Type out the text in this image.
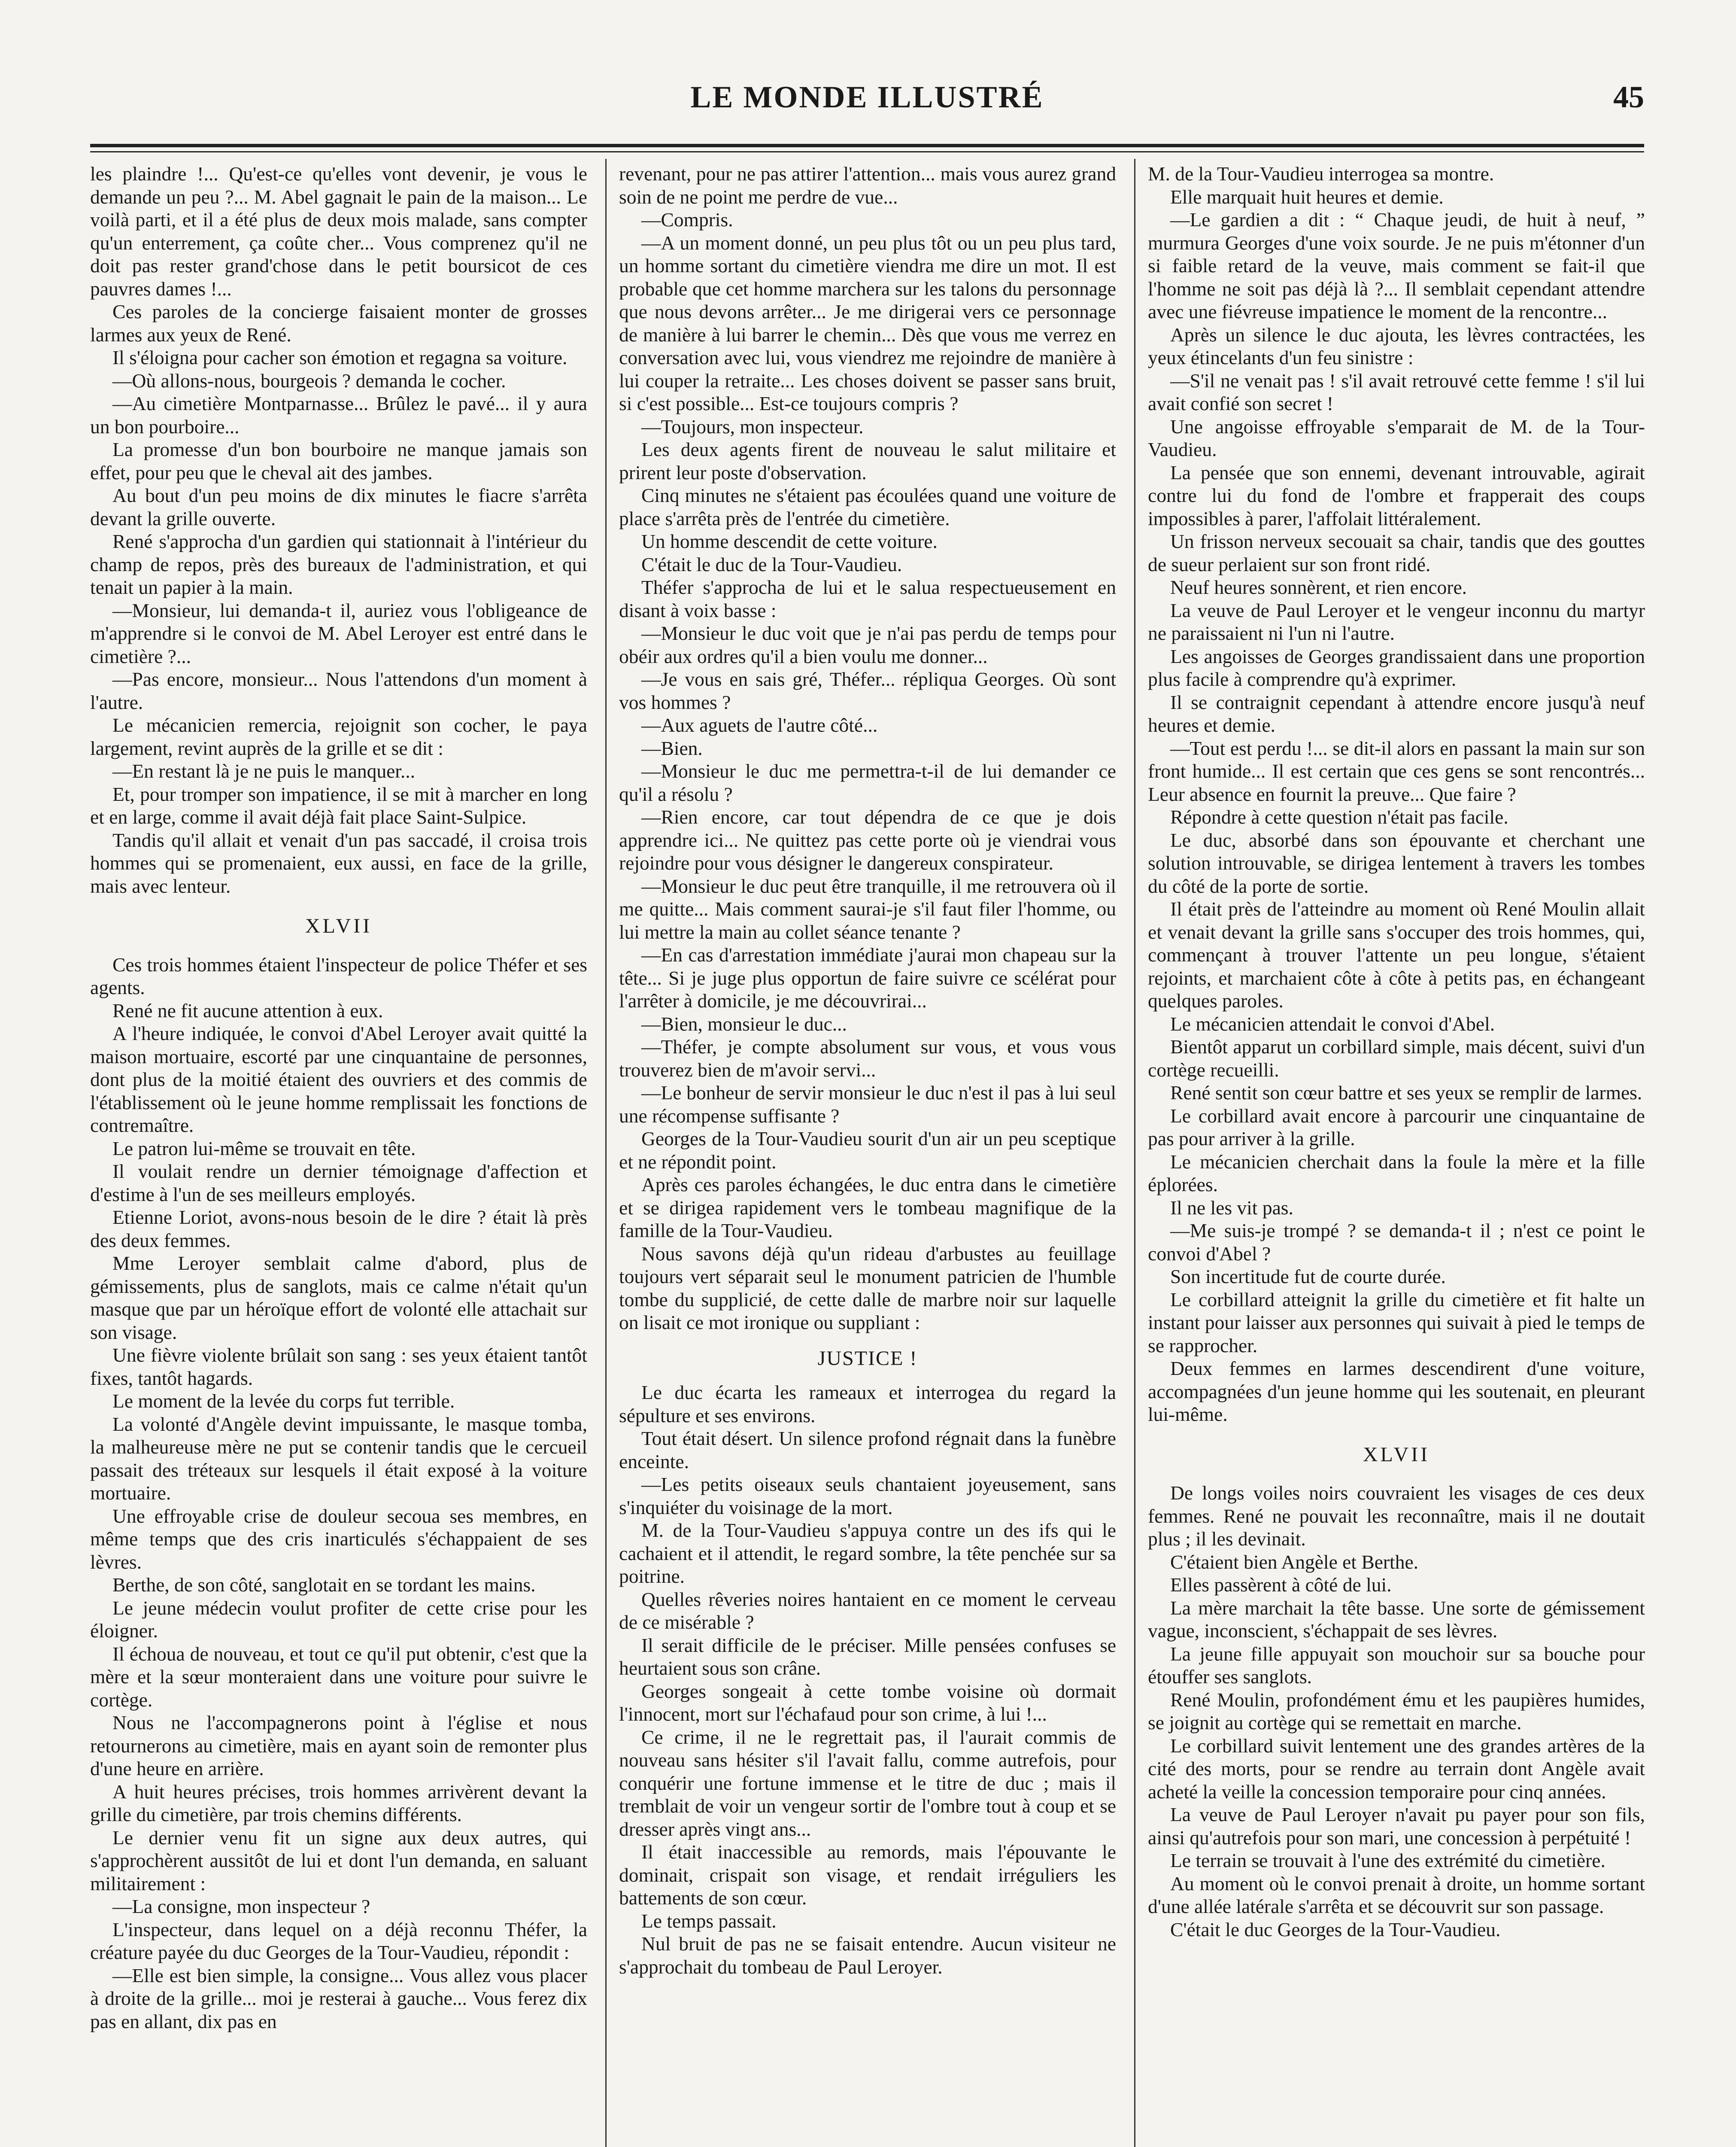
LE MONDE ILLUSTRÉ	45

les plaindre !... Qu'est-ce qu'elles vont devenir, je vous le demande un peu ?... M. Abel gagnait le pain de la maison... Le voilà parti, et il a été plus de deux mois malade, sans compter qu'un enterrement, ça coûte cher... Vous comprenez qu'il ne doit pas rester grand'chose dans le petit boursicot de ces pauvres dames !...

Ces paroles de la concierge faisaient monter de grosses larmes aux yeux de René.

Il s'éloigna pour cacher son émotion et regagna sa voiture.

—Où allons-nous, bourgeois ? demanda le cocher.

—Au cimetière Montparnasse... Brûlez le pavé... il y aura un bon pourboire...

La promesse d'un bon bourboire ne manque jamais son effet, pour peu que le cheval ait des jambes.

Au bout d'un peu moins de dix minutes le fiacre s'arrêta devant la grille ouverte.

René s'approcha d'un gardien qui stationnait à l'intérieur du champ de repos, près des bureaux de l'administration, et qui tenait un papier à la main.

—Monsieur, lui demanda-t il, auriez vous l'obligeance de m'apprendre si le convoi de M. Abel Leroyer est entré dans le cimetière ?...

—Pas encore, monsieur... Nous l'attendons d'un moment à l'autre.

Le mécanicien remercia, rejoignit son cocher, le paya largement, revint auprès de la grille et se dit :

—En restant là je ne puis le manquer...

Et, pour tromper son impatience, il se mit à marcher en long et en large, comme il avait déjà fait place Saint-Sulpice.

Tandis qu'il allait et venait d'un pas saccadé, il croisa trois hommes qui se promenaient, eux aussi, en face de la grille, mais avec lenteur.

XLVII

Ces trois hommes étaient l'inspecteur de police Théfer et ses agents.

René ne fit aucune attention à eux.

A l'heure indiquée, le convoi d'Abel Leroyer avait quitté la maison mortuaire, escorté par une cinquantaine de personnes, dont plus de la moitié étaient des ouvriers et des commis de l'établissement où le jeune homme remplissait les fonctions de contremaître.

Le patron lui-même se trouvait en tête.

Il voulait rendre un dernier témoignage d'affection et d'estime à l'un de ses meilleurs employés.

Etienne Loriot, avons-nous besoin de le dire ? était là près des deux femmes.

Mme Leroyer semblait calme d'abord, plus de gémissements, plus de sanglots, mais ce calme n'était qu'un masque que par un héroïque effort de volonté elle attachait sur son visage.

Une fièvre violente brûlait son sang : ses yeux étaient tantôt fixes, tantôt hagards.

Le moment de la levée du corps fut terrible.

La volonté d'Angèle devint impuissante, le masque tomba, la malheureuse mère ne put se contenir tandis que le cercueil passait des tréteaux sur lesquels il était exposé à la voiture mortuaire.

Une effroyable crise de douleur secoua ses membres, en même temps que des cris inarticulés s'échappaient de ses lèvres.

Berthe, de son côté, sanglotait en se tordant les mains.

Le jeune médecin voulut profiter de cette crise pour les éloigner.

Il échoua de nouveau, et tout ce qu'il put obtenir, c'est que la mère et la sœur monteraient dans une voiture pour suivre le cortège.

Nous ne l'accompagnerons point à l'église et nous retournerons au cimetière, mais en ayant soin de remonter plus d'une heure en arrière.

A huit heures précises, trois hommes arrivèrent devant la grille du cimetière, par trois chemins différents.

Le dernier venu fit un signe aux deux autres, qui s'approchèrent aussitôt de lui et dont l'un demanda, en saluant militairement :

—La consigne, mon inspecteur ?

L'inspecteur, dans lequel on a déjà reconnu Théfer, la créature payée du duc Georges de la Tour-Vaudieu, répondit :

—Elle est bien simple, la consigne... Vous allez vous placer à droite de la grille... moi je resterai à gauche... Vous ferez dix pas en allant, dix pas en

revenant, pour ne pas attirer l'attention... mais vous aurez grand soin de ne point me perdre de vue...

—Compris.

—A un moment donné, un peu plus tôt ou un peu plus tard, un homme sortant du cimetière viendra me dire un mot. Il est probable que cet homme marchera sur les talons du personnage que nous devons arrêter... Je me dirigerai vers ce personnage de manière à lui barrer le chemin... Dès que vous me verrez en conversation avec lui, vous viendrez me rejoindre de manière à lui couper la retraite... Les choses doivent se passer sans bruit, si c'est possible... Est-ce toujours compris ?

—Toujours, mon inspecteur.

Les deux agents firent de nouveau le salut militaire et prirent leur poste d'observation.

Cinq minutes ne s'étaient pas écoulées quand une voiture de place s'arrêta près de l'entrée du cimetière.

Un homme descendit de cette voiture.

C'était le duc de la Tour-Vaudieu.

Théfer s'approcha de lui et le salua respectueusement en disant à voix basse :

—Monsieur le duc voit que je n'ai pas perdu de temps pour obéir aux ordres qu'il a bien voulu me donner...

—Je vous en sais gré, Théfer... répliqua Georges. Où sont vos hommes ?

—Aux aguets de l'autre côté...

—Bien.

—Monsieur le duc me permettra-t-il de lui demander ce qu'il a résolu ?

—Rien encore, car tout dépendra de ce que je dois apprendre ici... Ne quittez pas cette porte où je viendrai vous rejoindre pour vous désigner le dangereux conspirateur.

—Monsieur le duc peut être tranquille, il me retrouvera où il me quitte... Mais comment saurai-je s'il faut filer l'homme, ou lui mettre la main au collet séance tenante ?

—En cas d'arrestation immédiate j'aurai mon chapeau sur la tête... Si je juge plus opportun de faire suivre ce scélérat pour l'arrêter à domicile, je me découvrirai...

—Bien, monsieur le duc...

—Théfer, je compte absolument sur vous, et vous vous trouverez bien de m'avoir servi...

—Le bonheur de servir monsieur le duc n'est il pas à lui seul une récompense suffisante ?

Georges de la Tour-Vaudieu sourit d'un air un peu sceptique et ne répondit point.

Après ces paroles échangées, le duc entra dans le cimetière et se dirigea rapidement vers le tombeau magnifique de la famille de la Tour-Vaudieu.

Nous savons déjà qu'un rideau d'arbustes au feuillage toujours vert séparait seul le monument patricien de l'humble tombe du supplicié, de cette dalle de marbre noir sur laquelle on lisait ce mot ironique ou suppliant :

JUSTICE !

Le duc écarta les rameaux et interrogea du regard la sépulture et ses environs.

Tout était désert. Un silence profond régnait dans la funèbre enceinte.

—Les petits oiseaux seuls chantaient joyeusement, sans s'inquiéter du voisinage de la mort.

M. de la Tour-Vaudieu s'appuya contre un des ifs qui le cachaient et il attendit, le regard sombre, la tête penchée sur sa poitrine.

Quelles rêveries noires hantaient en ce moment le cerveau de ce misérable ?

Il serait difficile de le préciser. Mille pensées confuses se heurtaient sous son crâne.

Georges songeait à cette tombe voisine où dormait l'innocent, mort sur l'échafaud pour son crime, à lui !...

Ce crime, il ne le regrettait pas, il l'aurait commis de nouveau sans hésiter s'il l'avait fallu, comme autrefois, pour conquérir une fortune immense et le titre de duc ; mais il tremblait de voir un vengeur sortir de l'ombre tout à coup et se dresser après vingt ans...

Il était inaccessible au remords, mais l'épouvante le dominait, crispait son visage, et rendait irréguliers les battements de son cœur.

Le temps passait.

Nul bruit de pas ne se faisait entendre. Aucun visiteur ne s'approchait du tombeau de Paul Leroyer.

M. de la Tour-Vaudieu interrogea sa montre.

Elle marquait huit heures et demie.

—Le gardien a dit : “ Chaque jeudi, de huit à neuf, ” murmura Georges d'une voix sourde. Je ne puis m'étonner d'un si faible retard de la veuve, mais comment se fait-il que l'homme ne soit pas déjà là ?... Il semblait cependant attendre avec une fiévreuse impatience le moment de la rencontre...

Après un silence le duc ajouta, les lèvres contractées, les yeux étincelants d'un feu sinistre :

—S'il ne venait pas ! s'il avait retrouvé cette femme ! s'il lui avait confié son secret !

Une angoisse effroyable s'emparait de M. de la Tour-Vaudieu.

La pensée que son ennemi, devenant introuvable, agirait contre lui du fond de l'ombre et frapperait des coups impossibles à parer, l'affolait littéralement.

Un frisson nerveux secouait sa chair, tandis que des gouttes de sueur perlaient sur son front ridé.

Neuf heures sonnèrent, et rien encore.

La veuve de Paul Leroyer et le vengeur inconnu du martyr ne paraissaient ni l'un ni l'autre.

Les angoisses de Georges grandissaient dans une proportion plus facile à comprendre qu'à exprimer.

Il se contraignit cependant à attendre encore jusqu'à neuf heures et demie.

—Tout est perdu !... se dit-il alors en passant la main sur son front humide... Il est certain que ces gens se sont rencontrés... Leur absence en fournit la preuve... Que faire ?

Répondre à cette question n'était pas facile.

Le duc, absorbé dans son épouvante et cherchant une solution introuvable, se dirigea lentement à travers les tombes du côté de la porte de sortie.

Il était près de l'atteindre au moment où René Moulin allait et venait devant la grille sans s'occuper des trois hommes, qui, commençant à trouver l'attente un peu longue, s'étaient rejoints, et marchaient côte à côte à petits pas, en échangeant quelques paroles.

Le mécanicien attendait le convoi d'Abel.

Bientôt apparut un corbillard simple, mais décent, suivi d'un cortège recueilli.

René sentit son cœur battre et ses yeux se remplir de larmes.

Le corbillard avait encore à parcourir une cinquantaine de pas pour arriver à la grille.

Le mécanicien cherchait dans la foule la mère et la fille éplorées.

Il ne les vit pas.

—Me suis-je trompé ? se demanda-t il ; n'est ce point le convoi d'Abel ?

Son incertitude fut de courte durée.

Le corbillard atteignit la grille du cimetière et fit halte un instant pour laisser aux personnes qui suivait à pied le temps de se rapprocher.

Deux femmes en larmes descendirent d'une voiture, accompagnées d'un jeune homme qui les soutenait, en pleurant lui-même.

XLVII

De longs voiles noirs couvraient les visages de ces deux femmes. René ne pouvait les reconnaître, mais il ne doutait plus ; il les devinait.

C'étaient bien Angèle et Berthe.

Elles passèrent à côté de lui.

La mère marchait la tête basse. Une sorte de gémissement vague, inconscient, s'échappait de ses lèvres.

La jeune fille appuyait son mouchoir sur sa bouche pour étouffer ses sanglots.

René Moulin, profondément ému et les paupières humides, se joignit au cortège qui se remettait en marche.

Le corbillard suivit lentement une des grandes artères de la cité des morts, pour se rendre au terrain dont Angèle avait acheté la veille la concession temporaire pour cinq années.

La veuve de Paul Leroyer n'avait pu payer pour son fils, ainsi qu'autrefois pour son mari, une concession à perpétuité !

Le terrain se trouvait à l'une des extrémité du cimetière.

Au moment où le convoi prenait à droite, un homme sortant d'une allée latérale s'arrêta et se découvrit sur son passage.

C'était le duc Georges de la Tour-Vaudieu.
